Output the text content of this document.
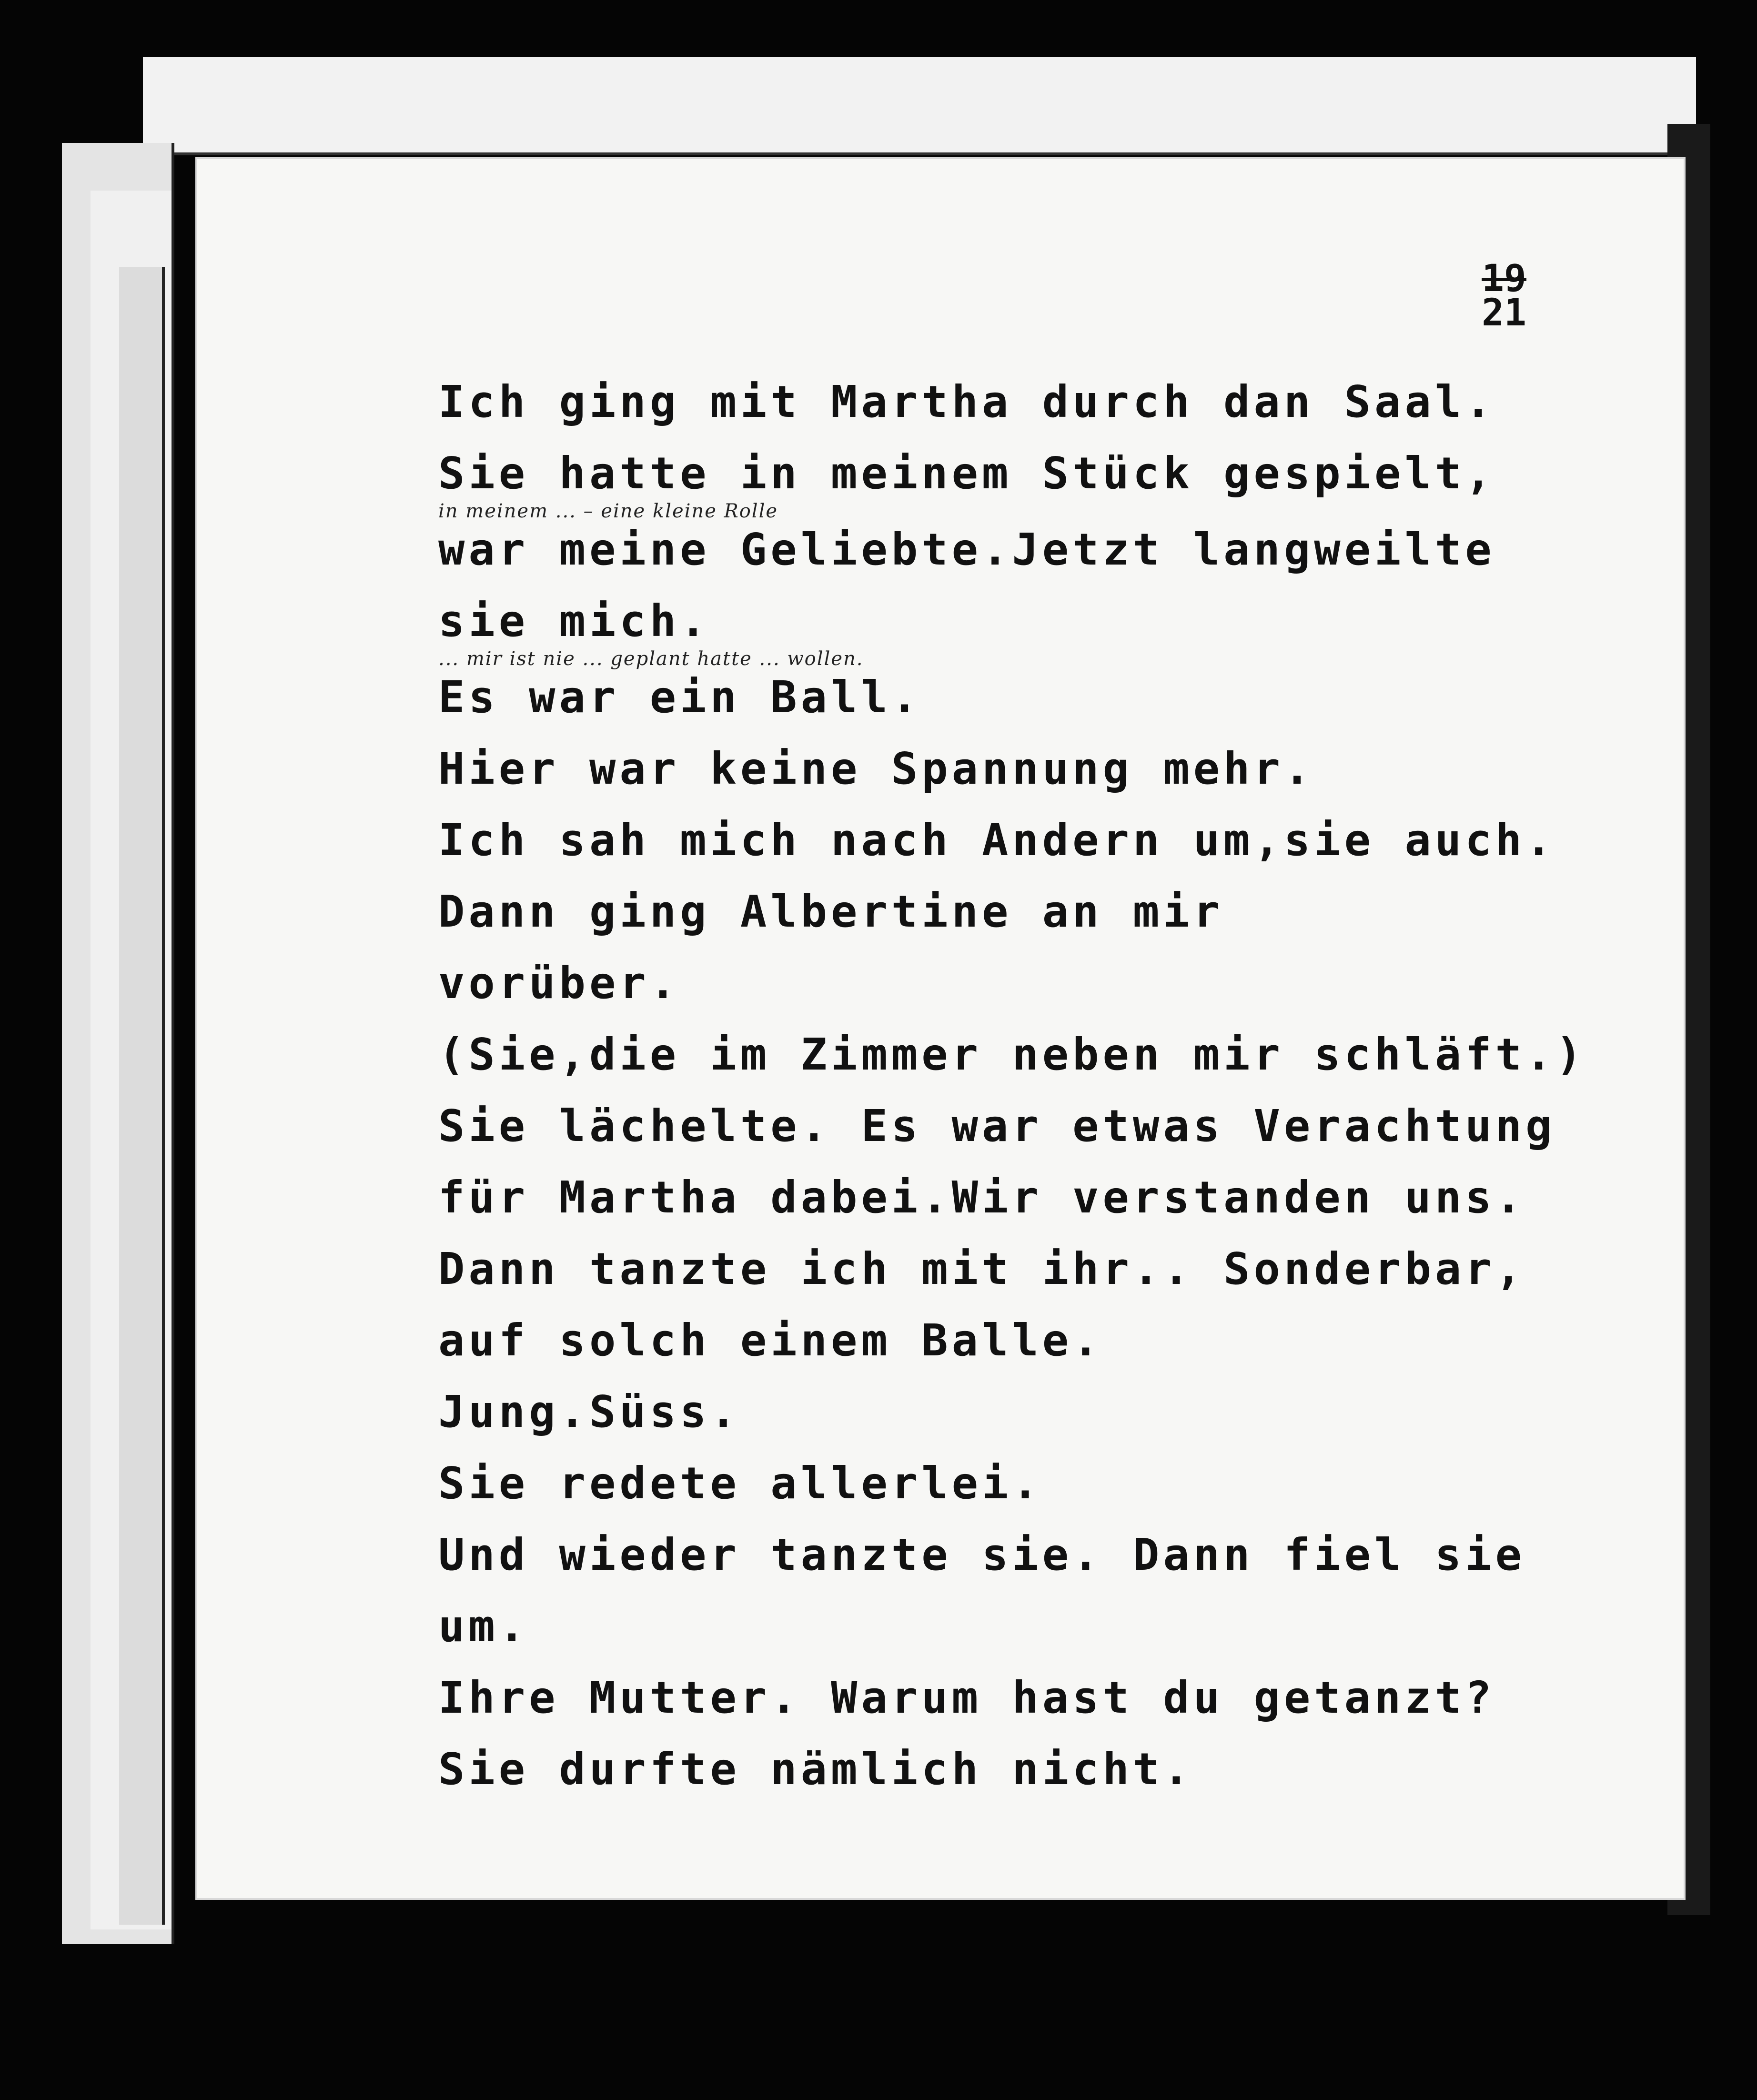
19
21
Ich ging mit Martha durch dan Saal.
Sie hatte in meinem Stück gespielt,
in meinem ... – eine kleine Rolle
war meine Geliebte.Jetzt langweilte
sie mich.
... mir ist nie ... geplant hatte ... wollen.
Es war ein Ball.
Hier war keine Spannung mehr.
Ich sah mich nach Andern um,sie auch.
Dann ging Albertine an mir
vorüber.
(Sie,die im Zimmer neben mir schläft.)
Sie lächelte. Es war etwas Verachtung
für Martha dabei.Wir verstanden uns.
Dann tanzte ich mit ihr.. Sonderbar,
auf solch einem Balle.
Jung.Süss.
Sie redete allerlei.
Und wieder tanzte sie. Dann fiel sie
um.
Ihre Mutter. Warum hast du getanzt?
Sie durfte nämlich nicht.
